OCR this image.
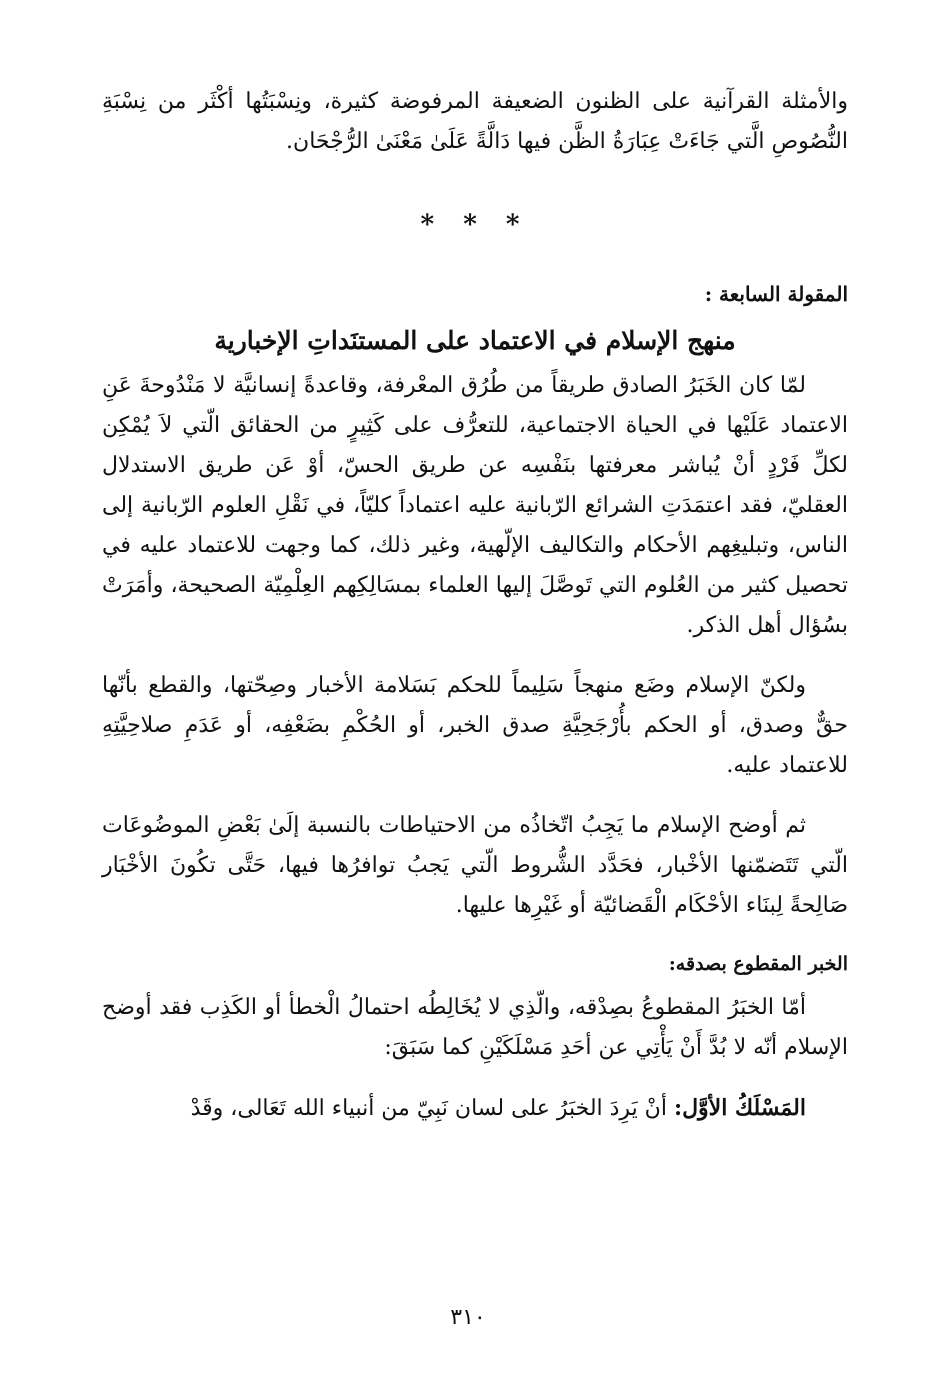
والأمثلة القرآنية على الظنون الضعيفة المرفوضة كثيرة، ونِسْبَتُها أكْثَر من نِسْبَةِ النُّصُوصِ الَّتي جَاءَتْ عِبَارَةُ الظَّن فيها دَالَّةً عَلَىٰ مَعْنَىٰ الرُّجْحَان.

* * *
المقولة السابعة :
منهج الإسلام في الاعتماد على المستنَداتِ الإخبارية

لمّا كان الخَبَرُ الصادق طريقاً من طُرُق المعْرفة، وقاعدةً إنسانيَّة لا مَنْدُوحةَ عَنِ الاعتماد عَلَيْها في الحياة الاجتماعية، للتعرُّف على كَثِيرٍ من الحقائق الّتي لاَ يُمْكِن لكلِّ فَرْدٍ أنْ يُباشر معرفتها بنَفْسِه عن طريق الحسّ، أوْ عَن طريق الاستدلال العقليّ، فقد اعتمَدَتِ الشرائع الرّبانية عليه اعتماداً كليّاً، في نَقْلِ العلوم الرّبانية إلى الناس، وتبليغِهم الأحكام والتكاليف الإلّهية، وغير ذلك، كما وجهت للاعتماد عليه في تحصيل كثير من العُلوم التي تَوصَّلَ إليها العلماء بمسَالِكِهم العِلْمِيّة الصحيحة، وأمَرَتْ بسُؤال أهل الذكر.

ولكنّ الإسلام وضَع منهجاً سَلِيماً للحكم بَسَلامة الأخبار وصِحّتها، والقطع بأنّها حقٌّ وصدق، أو الحكم بأُرْجَحِيَّةِ صدق الخبر، أو الحُكْمِ بضَعْفِه، أو عَدَمِ صلاحِيَّتِهِ للاعتماد عليه.

ثم أوضح الإسلام ما يَجِبُ اتّخاذُه من الاحتياطات بالنسبة إلَىٰ بَعْضِ الموضُوعَات الّتي تَتَضمّنها الأخْبار، فحَدَّد الشُّروط الّتي يَجبُ توافرُها فيها، حَتَّى تكُونَ الأخْبَار صَالِحةً لِبنَاء الأحْكَام الْقَضائيّة أو غَيْرِها عليها.

الخبر المقطوع بصدقه:

أمّا الخبَرُ المقطوعُ بصِدْقه، والّذِي لا يُخَالِطُه احتمالُ الْخطأ أو الكَذِب فقد أوضح الإسلام أنّه لا بُدَّ أَنْ يَأْتِي عن أحَدِ مَسْلَكَيْنِ كما سَبَقَ:

المَسْلَكُ الأوَّل: أنْ يَرِدَ الخبَرُ على لسان نَبِيّ من أنبياء الله تَعَالى، وقَدْ

٣١٠
